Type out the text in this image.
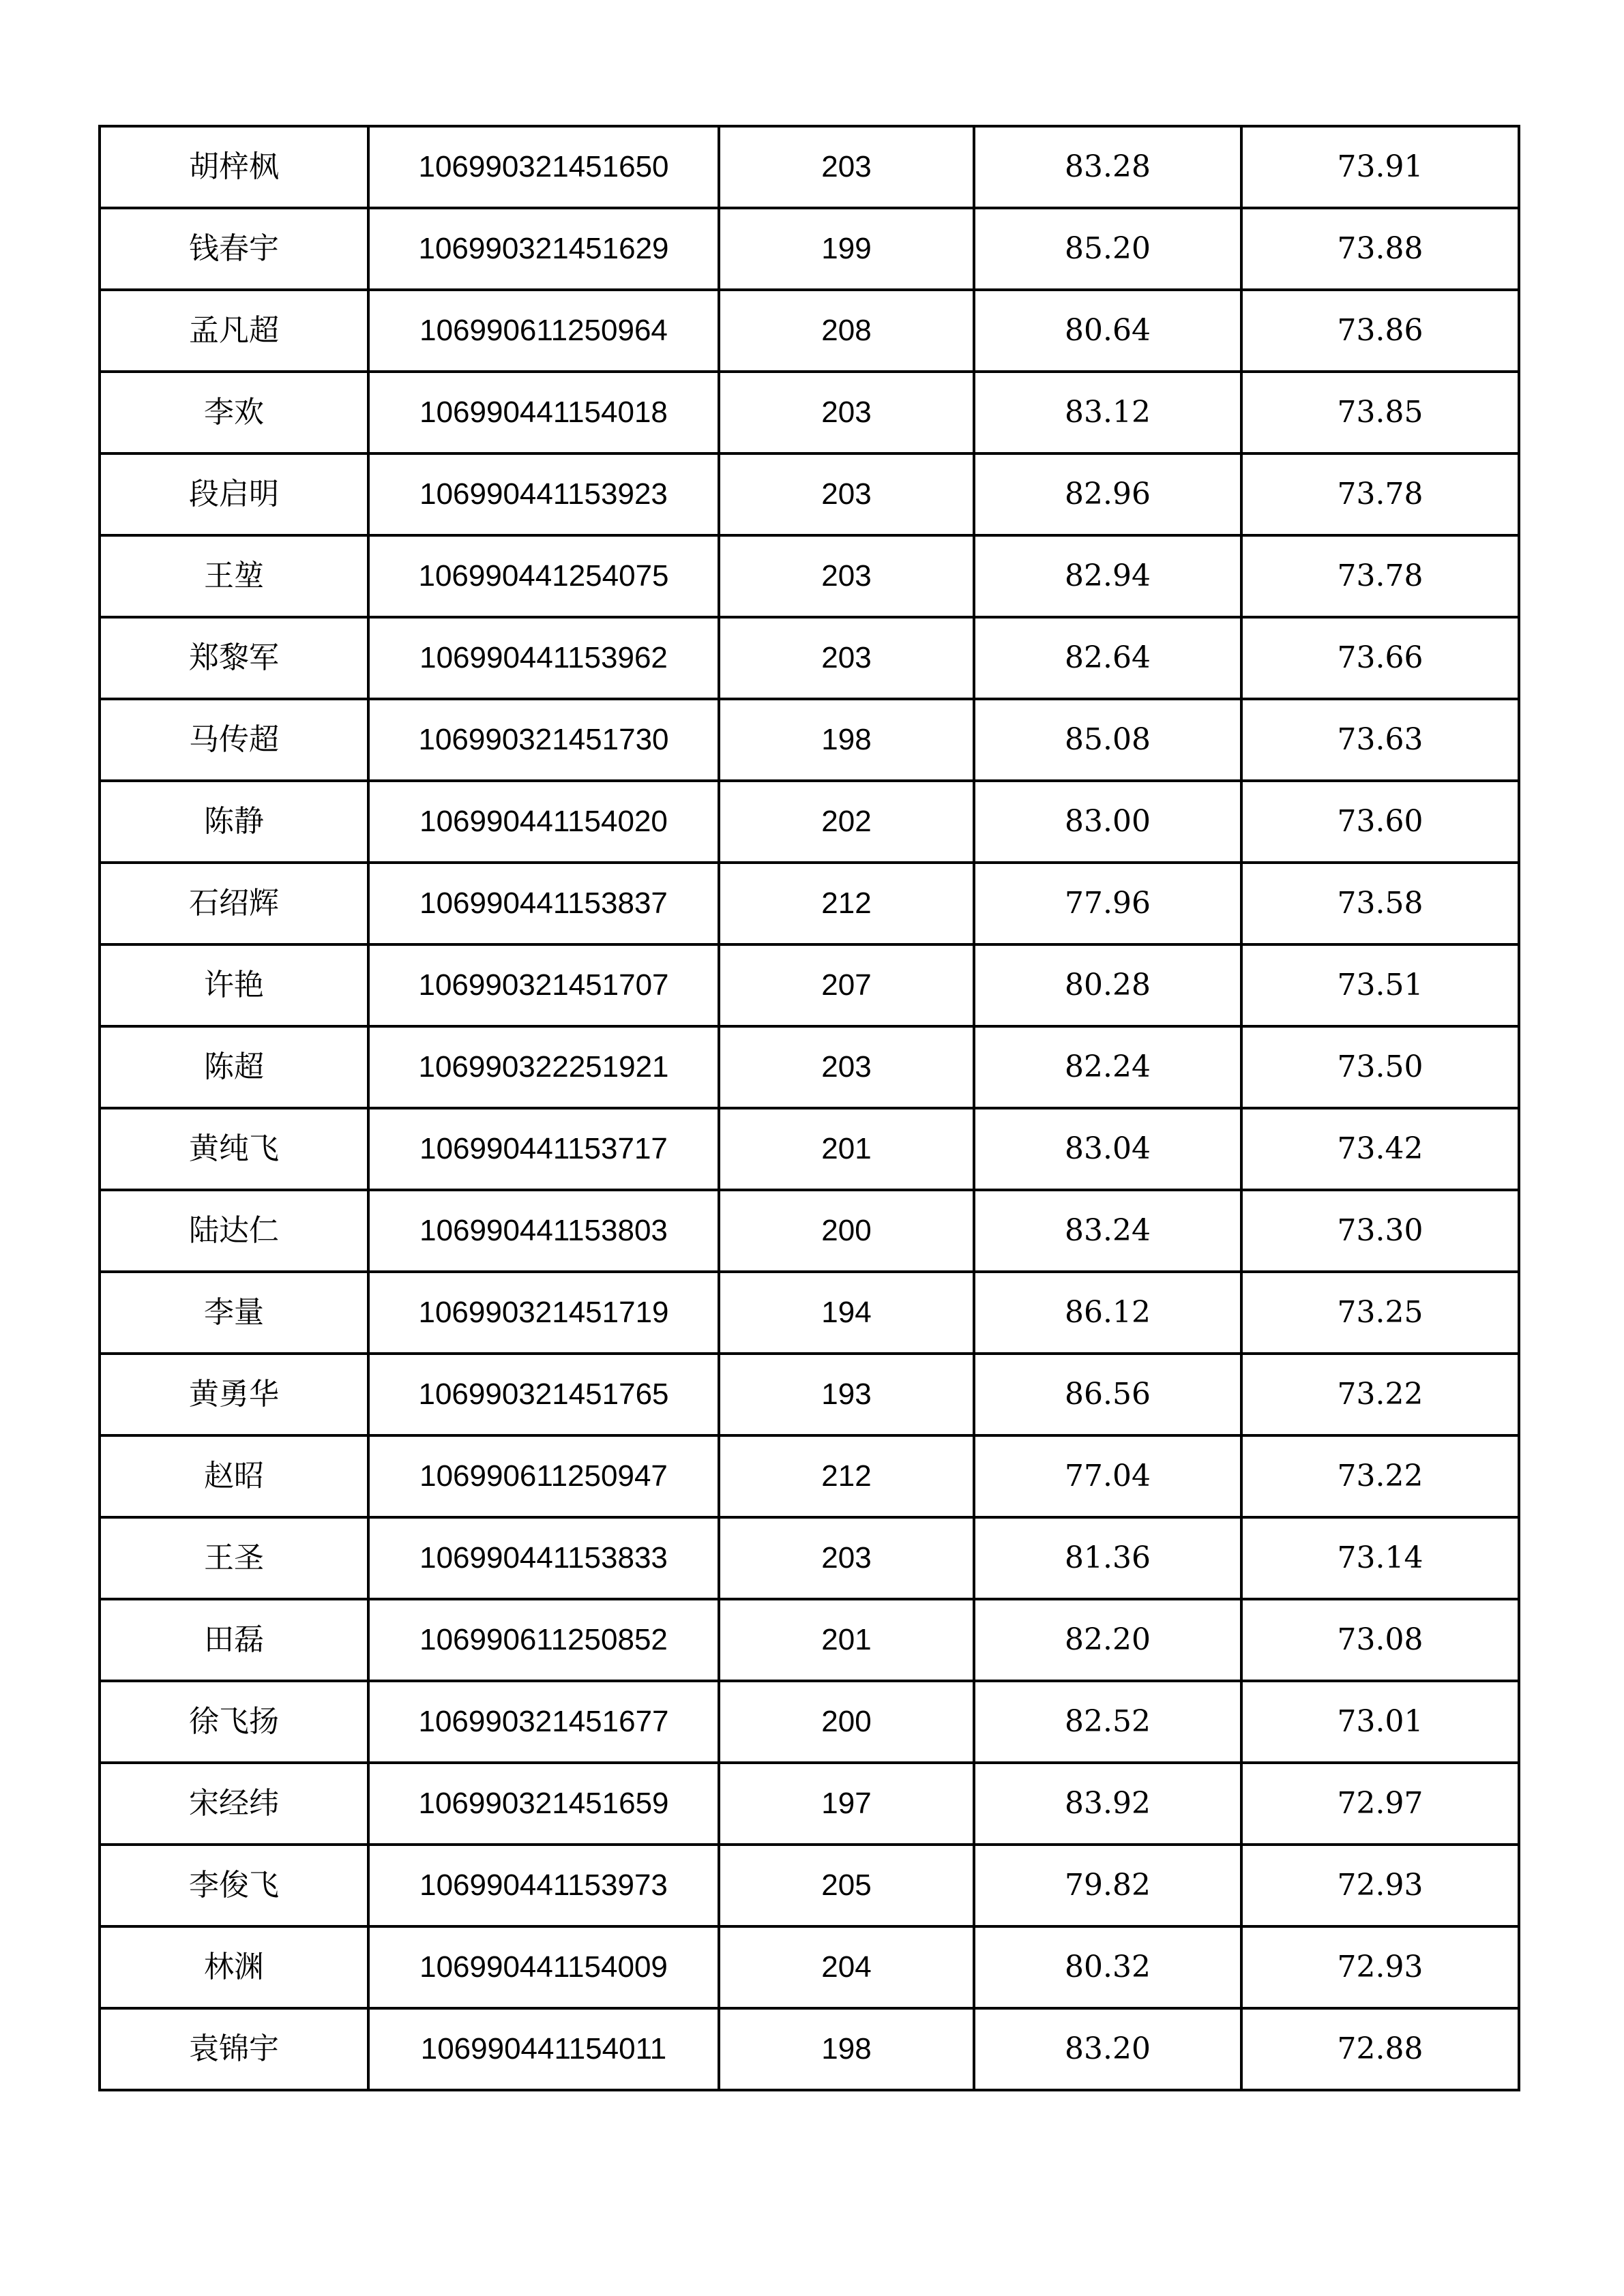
胡梓枫	106990321451650	203	83.28	73.91
钱春宇	106990321451629	199	85.20	73.88
孟凡超	106990611250964	208	80.64	73.86
李欢	106990441154018	203	83.12	73.85
段启明	106990441153923	203	82.96	73.78
王堃	106990441254075	203	82.94	73.78
郑黎军	106990441153962	203	82.64	73.66
马传超	106990321451730	198	85.08	73.63
陈静	106990441154020	202	83.00	73.60
石绍辉	106990441153837	212	77.96	73.58
许艳	106990321451707	207	80.28	73.51
陈超	106990322251921	203	82.24	73.50
黄纯飞	106990441153717	201	83.04	73.42
陆达仁	106990441153803	200	83.24	73.30
李量	106990321451719	194	86.12	73.25
黄勇华	106990321451765	193	86.56	73.22
赵昭	106990611250947	212	77.04	73.22
王圣	106990441153833	203	81.36	73.14
田磊	106990611250852	201	82.20	73.08
徐飞扬	106990321451677	200	82.52	73.01
宋经纬	106990321451659	197	83.92	72.97
李俊飞	106990441153973	205	79.82	72.93
林渊	106990441154009	204	80.32	72.93
袁锦宇	106990441154011	198	83.20	72.88
